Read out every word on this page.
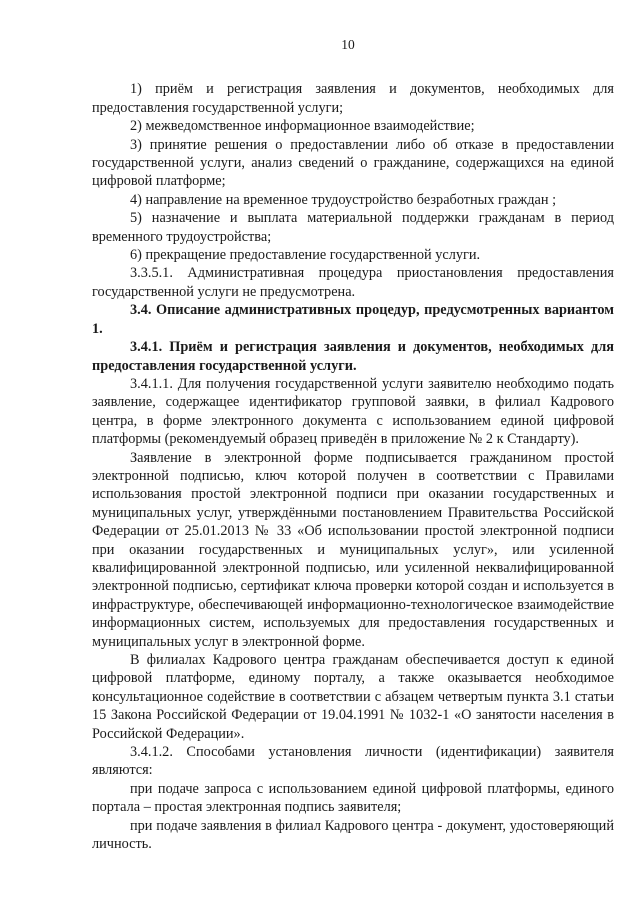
10

1) приём и регистрация заявления и документов, необходимых для предоставления государственной услуги;

2) межведомственное информационное взаимодействие;

3) принятие решения о предоставлении либо об отказе в предоставлении государственной услуги, анализ сведений о гражданине, содержащихся на единой цифровой платформе;

4) направление на временное трудоустройство безработных граждан ;

5) назначение и выплата материальной поддержки гражданам в период временного трудоустройства;

6) прекращение предоставление государственной услуги.

3.3.5.1. Административная процедура приостановления предоставления государственной услуги не предусмотрена.

3.4. Описание административных процедур, предусмотренных вариантом 1.

3.4.1. Приём и регистрация заявления и документов, необходимых для предоставления государственной услуги.

3.4.1.1. Для получения государственной услуги заявителю необходимо подать заявление, содержащее идентификатор групповой заявки, в филиал Кадрового центра, в форме электронного документа с использованием единой цифровой платформы (рекомендуемый образец приведён в приложение № 2 к Стандарту).

Заявление в электронной форме подписывается гражданином простой электронной подписью, ключ которой получен в соответствии с Правилами использования простой электронной подписи при оказании государственных и муниципальных услуг, утверждёнными постановлением Правительства Российской Федерации от 25.01.2013 № 33 «Об использовании простой электронной подписи при оказании государственных и муниципальных услуг», или усиленной квалифицированной электронной подписью, или усиленной неквалифицированной электронной подписью, сертификат ключа проверки которой создан и используется в инфраструктуре, обеспечивающей информационно-технологическое взаимодействие информационных систем, используемых для предоставления государственных и муниципальных услуг в электронной форме.

В филиалах Кадрового центра гражданам обеспечивается доступ к единой цифровой платформе, единому порталу, а также оказывается необходимое консультационное содействие в соответствии с абзацем четвертым пункта 3.1 статьи 15 Закона Российской Федерации от 19.04.1991 № 1032-1 «О занятости населения в Российской Федерации».

3.4.1.2. Способами установления личности (идентификации) заявителя являются:

при подаче запроса с использованием единой цифровой платформы, единого портала – простая электронная подпись заявителя;

при подаче заявления в филиал Кадрового центра - документ, удостоверяющий личность.
